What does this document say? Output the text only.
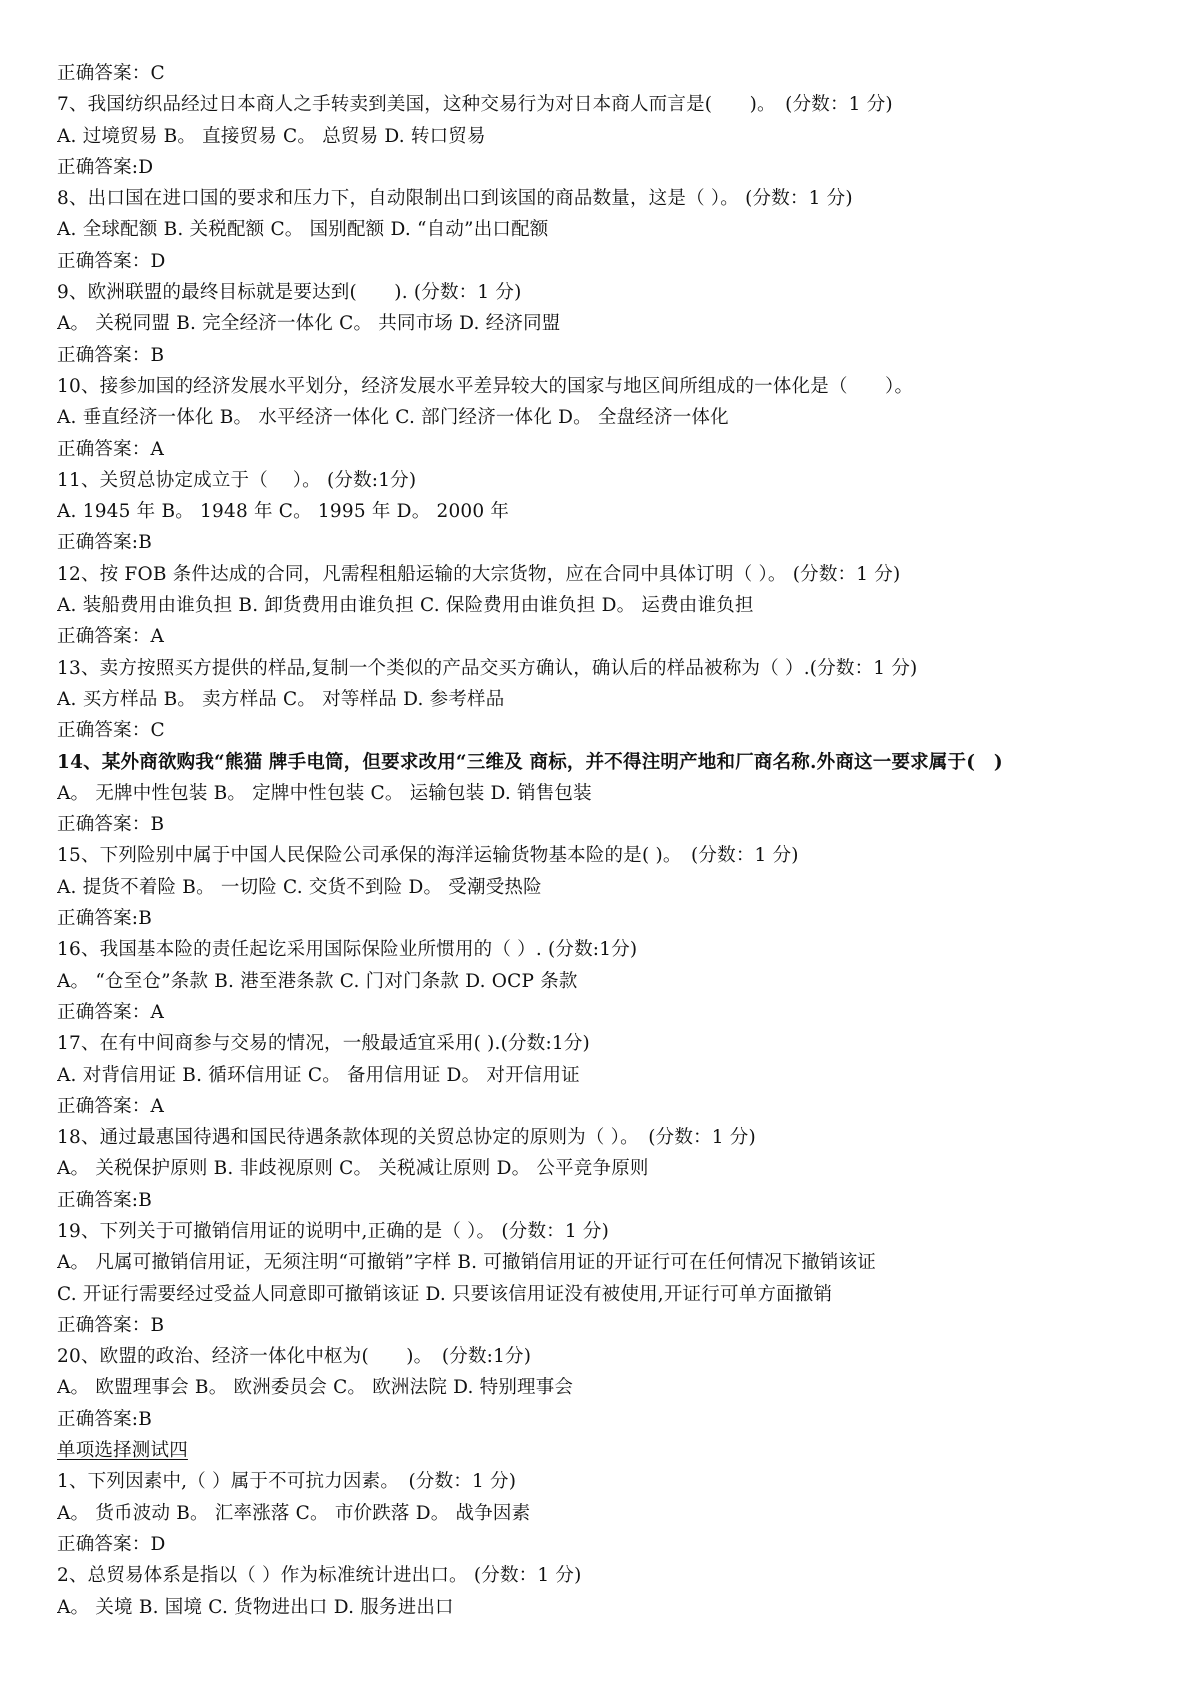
正确答案：C
7、我国纺织品经过日本商人之手转卖到美国，这种交易行为对日本商人而言是(　　)。　(分数：1 分)
A. 过境贸易 B。 直接贸易 C。 总贸易 D. 转口贸易
正确答案:D
8、出口国在进口国的要求和压力下，自动限制出口到该国的商品数量，这是（ ）。 (分数：1 分)
A. 全球配额 B. 关税配额 C。 国别配额 D. “自动”出口配额
正确答案：D
9、欧洲联盟的最终目标就是要达到(　　). (分数：1 分)
A。 关税同盟 B. 完全经济一体化 C。 共同市场 D. 经济同盟
正确答案：B
10、接参加国的经济发展水平划分，经济发展水平差异较大的国家与地区间所组成的一体化是（　　）。
A. 垂直经济一体化 B。 水平经济一体化 C. 部门经济一体化 D。 全盘经济一体化
正确答案：A
11、关贸总协定成立于（　 ）。 (分数:1分)
A. 1945 年 B。 1948 年 C。 1995 年 D。 2000 年
正确答案:B
12、按 FOB 条件达成的合同，凡需程租船运输的大宗货物，应在合同中具体订明（ ）。 (分数：1 分)
A. 装船费用由谁负担 B. 卸货费用由谁负担 C. 保险费用由谁负担 D。 运费由谁负担
正确答案：A
13、卖方按照买方提供的样品,复制一个类似的产品交买方确认，确认后的样品被称为（ ）.(分数：1 分)
A. 买方样品 B。 卖方样品 C。 对等样品 D. 参考样品
正确答案：C
14、某外商欲购我“熊猫 牌手电筒，但要求改用“三维及 商标，并不得注明产地和厂商名称.外商这一要求属于(　)
A。 无牌中性包装 B。 定牌中性包装 C。 运输包装 D. 销售包装
正确答案：B
15、下列险别中属于中国人民保险公司承保的海洋运输货物基本险的是( )。　(分数：1 分)
A. 提货不着险 B。 一切险 C. 交货不到险 D。 受潮受热险
正确答案:B
16、我国基本险的责任起讫采用国际保险业所惯用的（ ）. (分数:1分)
A。 “仓至仓”条款 B. 港至港条款 C. 门对门条款 D. OCP 条款
正确答案：A
17、在有中间商参与交易的情况，一般最适宜采用( ).(分数:1分)
A. 对背信用证 B. 循环信用证 C。 备用信用证 D。 对开信用证
正确答案：A
18、通过最惠国待遇和国民待遇条款体现的关贸总协定的原则为（ ）。　(分数：1 分)
A。 关税保护原则 B. 非歧视原则 C。 关税减让原则 D。 公平竞争原则
正确答案:B
19、下列关于可撤销信用证的说明中,正确的是（ ）。 (分数：1 分)
A。 凡属可撤销信用证，无须注明“可撤销”字样 B. 可撤销信用证的开证行可在任何情况下撤销该证
C. 开证行需要经过受益人同意即可撤销该证 D. 只要该信用证没有被使用,开证行可单方面撤销
正确答案：B
20、欧盟的政治、经济一体化中枢为(　　)。　(分数:1分)
A。 欧盟理事会 B。 欧洲委员会 C。 欧洲法院 D. 特别理事会
正确答案:B
单项选择测试四
1、下列因素中,（ ）属于不可抗力因素。　(分数：1 分)
A。 货币波动 B。 汇率涨落 C。 市价跌落 D。 战争因素
正确答案：D
2、总贸易体系是指以（ ）作为标准统计进出口。 (分数：1 分)
A。 关境 B. 国境 C. 货物进出口 D. 服务进出口
